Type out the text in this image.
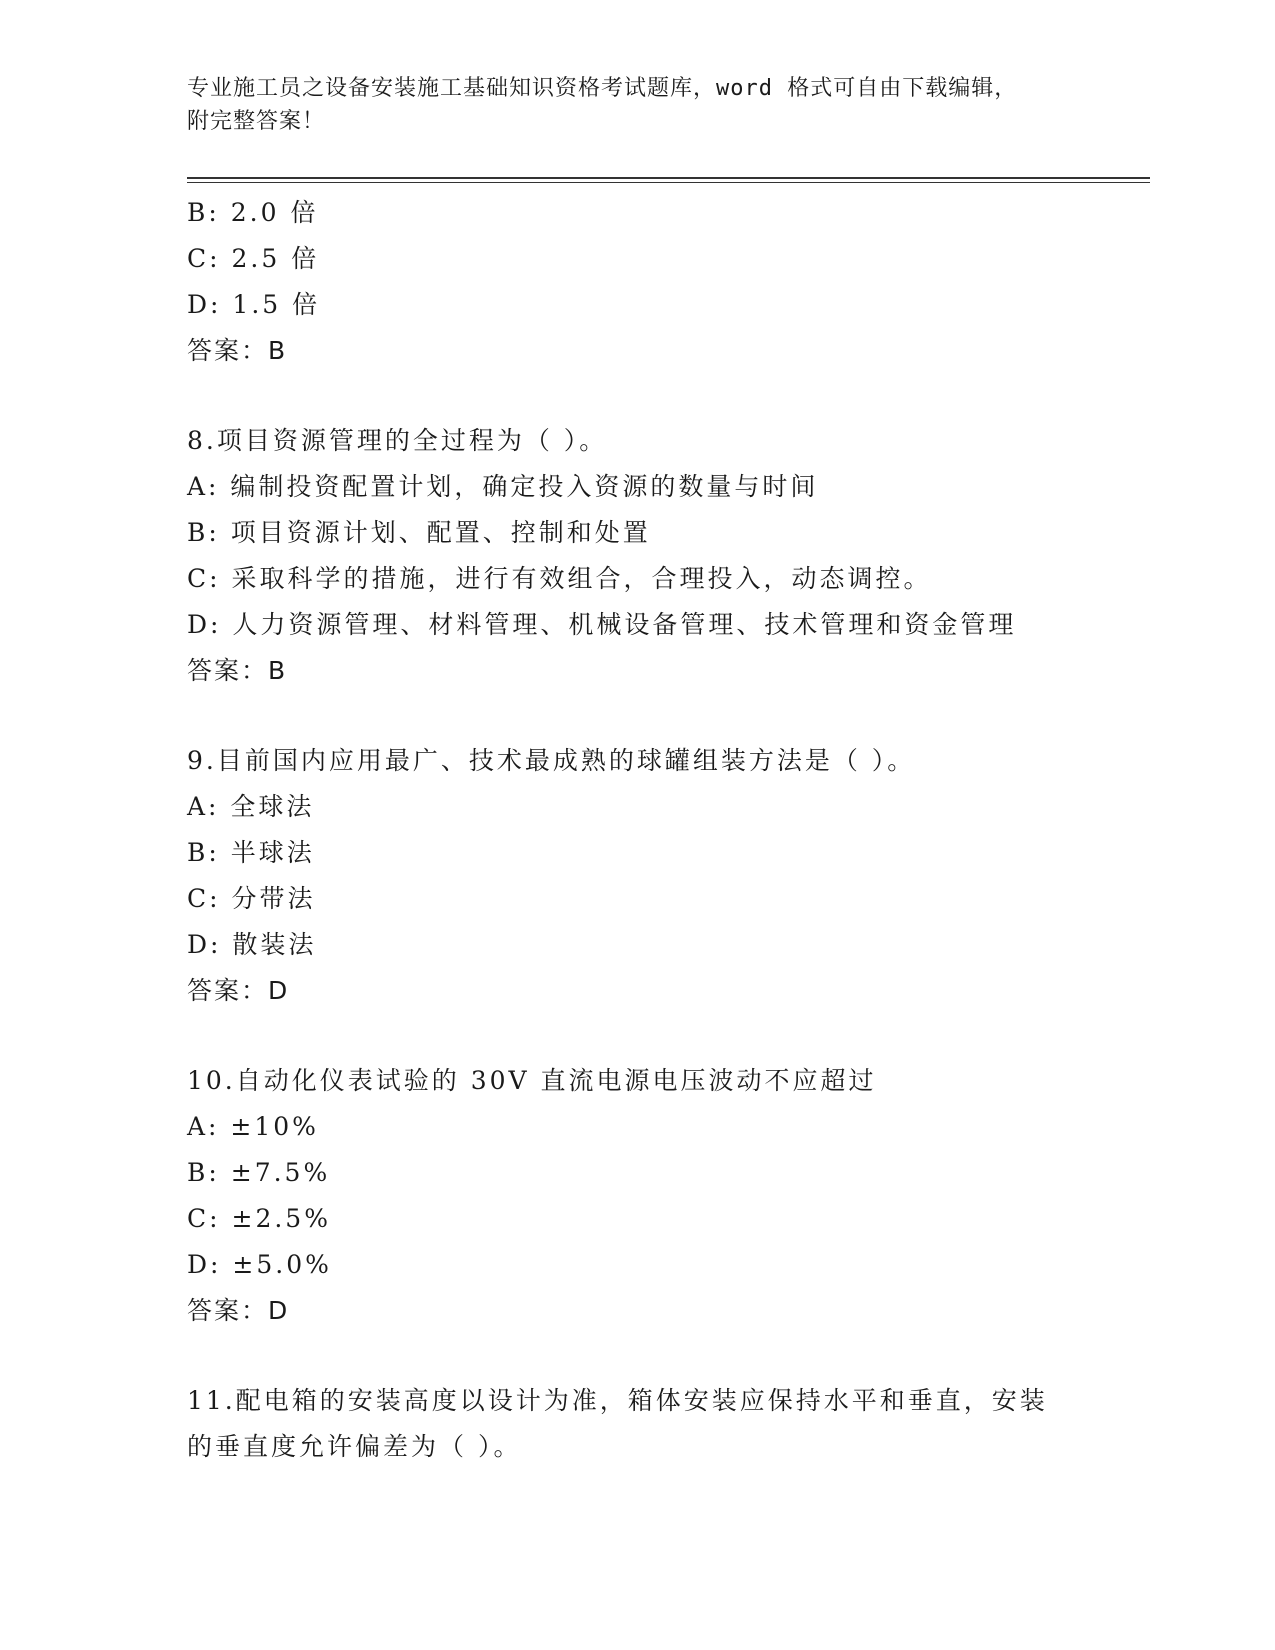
专业施工员之设备安装施工基础知识资格考试题库，word 格式可自由下载编辑，
附完整答案！
B: 2.0 倍
C: 2.5 倍
D: 1.5 倍
答案：B
8.项目资源管理的全过程为（ ）。
A: 编制投资配置计划，确定投入资源的数量与时间
B: 项目资源计划、配置、控制和处置
C: 采取科学的措施，进行有效组合，合理投入，动态调控。
D: 人力资源管理、材料管理、机械设备管理、技术管理和资金管理
答案：B
9.目前国内应用最广、技术最成熟的球罐组装方法是（ ）。
A: 全球法
B: 半球法
C: 分带法
D: 散装法
答案：D
10.自动化仪表试验的 30V 直流电源电压波动不应超过
A: ±10%
B: ±7.5%
C: ±2.5%
D: ±5.0%
答案：D
11.配电箱的安装高度以设计为准，箱体安装应保持水平和垂直，安装
的垂直度允许偏差为（ ）。
